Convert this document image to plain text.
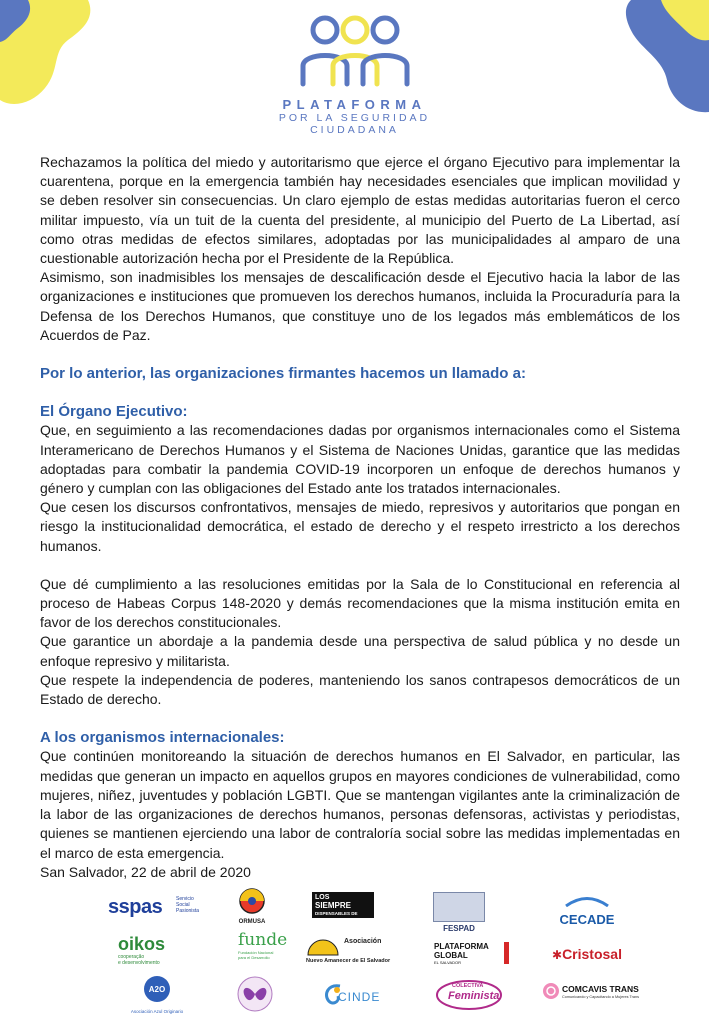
PLATAFORMA
POR LA SEGURIDAD
CIUDADANA

Rechazamos la política del miedo y autoritarismo que ejerce el órgano Ejecutivo para implementar la cuarentena, porque en la emergencia también hay necesidades esenciales que implican movilidad y se deben resolver sin consecuencias. Un claro ejemplo de estas medidas autoritarias fueron el cerco militar impuesto, vía un tuit de la cuenta del presidente, al municipio del Puerto de La Libertad, así como otras medidas de efectos similares, adoptadas por las municipalidades al amparo de una cuestionable autorización hecha por el Presidente de la República.

Asimismo, son inadmisibles los mensajes de descalificación desde el Ejecutivo hacia la labor de las organizaciones e instituciones que promueven los derechos humanos, incluida la Procuraduría para la Defensa de los Derechos Humanos, que constituye uno de los legados más emblemáticos de los Acuerdos de Paz.

Por lo anterior, las organizaciones firmantes hacemos un llamado a:

El Órgano Ejecutivo:

Que, en seguimiento a las recomendaciones dadas por organismos internacionales como el Sistema Interamericano de Derechos Humanos y el Sistema de Naciones Unidas, garantice que las medidas adoptadas para combatir la pandemia COVID-19 incorporen un enfoque de derechos humanos y género y cumplan con las obligaciones del Estado ante los tratados internacionales.

Que cesen los discursos confrontativos, mensajes de miedo, represivos y autoritarios que pongan en riesgo la institucionalidad democrática, el estado de derecho y el respeto irrestricto a los derechos humanos.

Que dé cumplimiento a las resoluciones emitidas por la Sala de lo Constitucional en referencia al proceso de Habeas Corpus 148-2020 y demás recomendaciones que la misma institución emita en favor de los derechos constitucionales.

Que garantice un abordaje a la pandemia desde una perspectiva de salud pública y no desde un enfoque represivo y militarista.

Que respete la independencia de poderes, manteniendo los sanos contrapesos democráticos de un Estado de derecho.

A los organismos internacionales:

Que continúen monitoreando la situación de derechos humanos en El Salvador, en particular, las medidas que generan un impacto en aquellos grupos en mayores condiciones de vulnerabilidad, como mujeres, niñez, juventudes y población LGBTI. Que se mantengan vigilantes ante la criminalización de la labor de las organizaciones de derechos humanos, personas defensoras, activistas y periodistas, quienes se mantienen ejerciendo una labor de contraloría social sobre las medidas implementadas en el marco de esta emergencia.

San Salvador, 22 de abril de 2020

sspas	Servicio
Social
Pasionista
ORMUSA
LOS
SIEMPRE
DISPENSABLES DE TODO
FESPAD
CECADE
oikos
cooperação
e desenvolvimento
funde
Fundación Nacional
para el Desarrollo
Asociación
Nuevo Amanecer de El Salvador
PLATAFORMA
GLOBAL
EL SALVADOR
✱Cristosal
A2O
Asociación Azul Originario
CINDE
COLECTIVA
Feminista
COMCAVIS TRANS
Comunicando y Capacitando a Mujeres Trans
